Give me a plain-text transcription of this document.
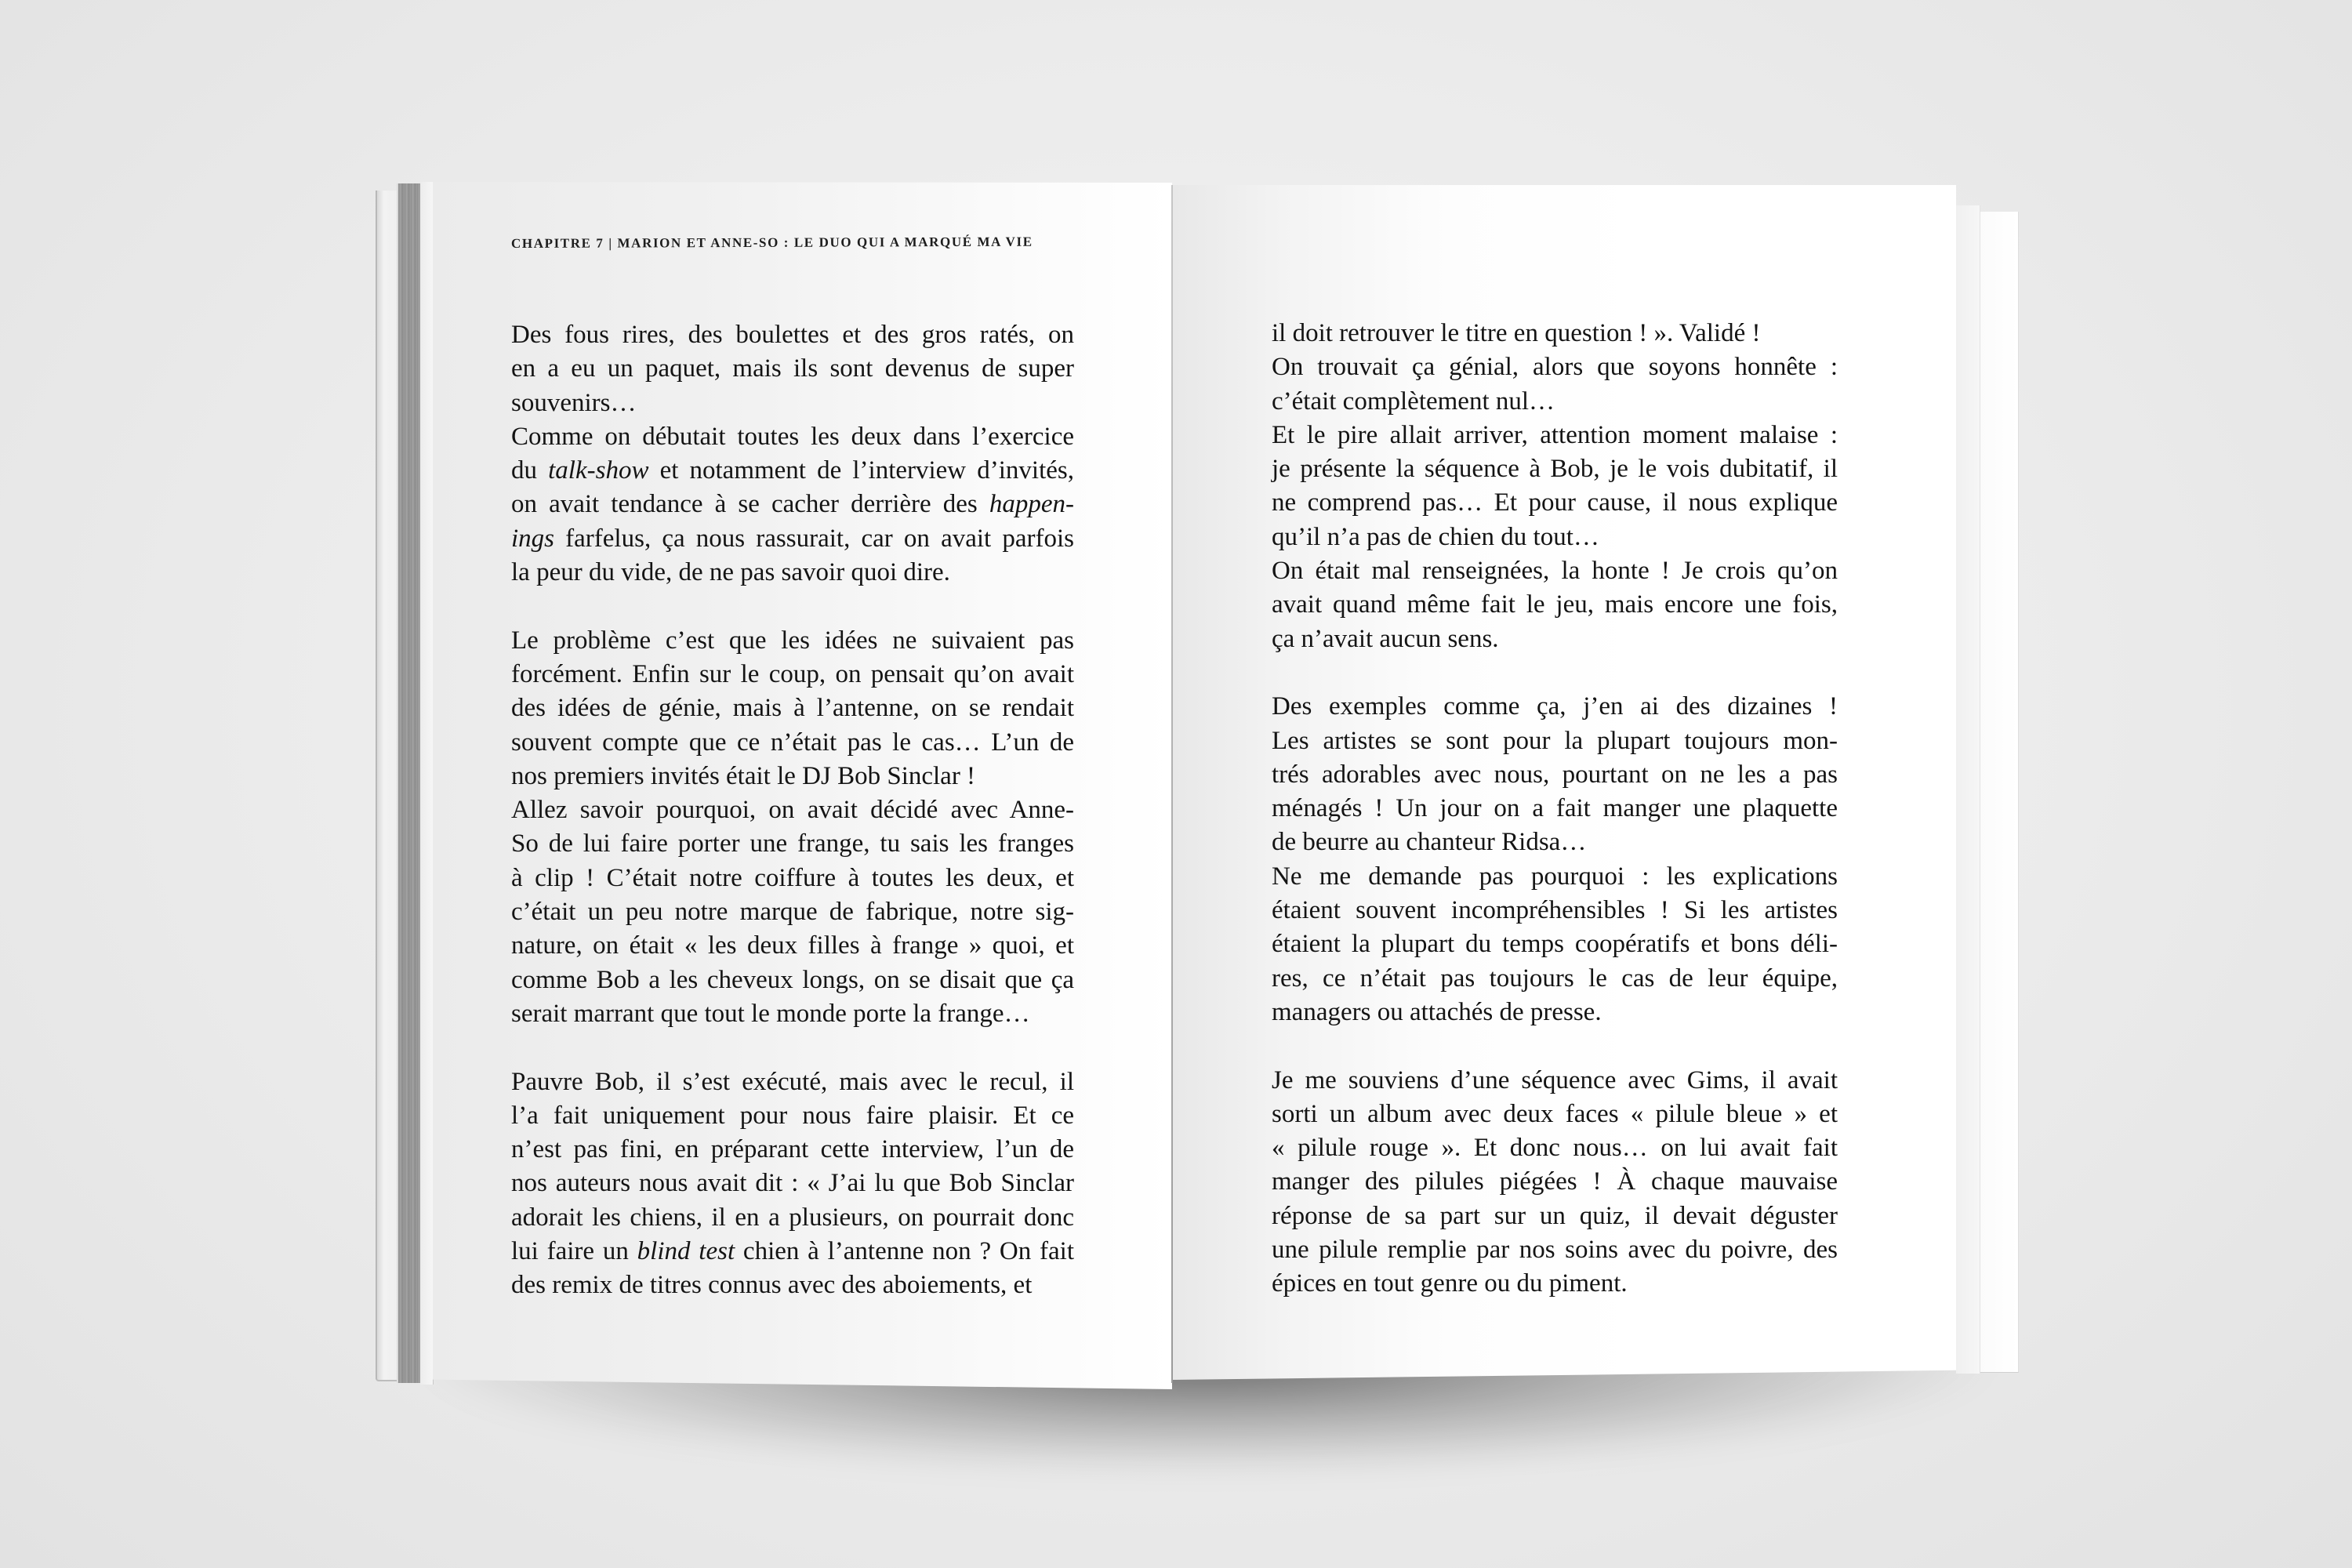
CHAPITRE 7 | MARION ET ANNE-SO : LE DUO QUI A MARQUÉ MA VIE
Des fous rires, des boulettes et des gros ratés, on
en a eu un paquet, mais ils sont devenus de super
souvenirs…
Comme on débutait toutes les deux dans l’exercice
du talk-show et notamment de l’interview d’invités,
on avait tendance à se cacher derrière des happen-
ings farfelus, ça nous rassurait, car on avait parfois
la peur du vide, de ne pas savoir quoi dire.
Le problème c’est que les idées ne suivaient pas
forcément. Enfin sur le coup, on pensait qu’on avait
des idées de génie, mais à l’antenne, on se rendait
souvent compte que ce n’était pas le cas… L’un de
nos premiers invités était le DJ Bob Sinclar !
Allez savoir pourquoi, on avait décidé avec Anne-
So de lui faire porter une frange, tu sais les franges
à clip ! C’était notre coiffure à toutes les deux, et
c’était un peu notre marque de fabrique, notre sig-
nature, on était « les deux filles à frange » quoi, et
comme Bob a les cheveux longs, on se disait que ça
serait marrant que tout le monde porte la frange…
Pauvre Bob, il s’est exécuté, mais avec le recul, il
l’a fait uniquement pour nous faire plaisir. Et ce
n’est pas fini, en préparant cette interview, l’un de
nos auteurs nous avait dit : « J’ai lu que Bob Sinclar
adorait les chiens, il en a plusieurs, on pourrait donc
lui faire un blind test chien à l’antenne non ? On fait
des remix de titres connus avec des aboiements, et
il doit retrouver le titre en question ! ». Validé !
On trouvait ça génial, alors que soyons honnête :
c’était complètement nul…
Et le pire allait arriver, attention moment malaise :
je présente la séquence à Bob, je le vois dubitatif, il
ne comprend pas… Et pour cause, il nous explique
qu’il n’a pas de chien du tout…
On était mal renseignées, la honte ! Je crois qu’on
avait quand même fait le jeu, mais encore une fois,
ça n’avait aucun sens.
Des exemples comme ça, j’en ai des dizaines !
Les artistes se sont pour la plupart toujours mon-
trés adorables avec nous, pourtant on ne les a pas
ménagés ! Un jour on a fait manger une plaquette
de beurre au chanteur Ridsa…
Ne me demande pas pourquoi : les explications
étaient souvent incompréhensibles ! Si les artistes
étaient la plupart du temps coopératifs et bons déli-
res, ce n’était pas toujours le cas de leur équipe,
managers ou attachés de presse.
Je me souviens d’une séquence avec Gims, il avait
sorti un album avec deux faces « pilule bleue » et
« pilule rouge ». Et donc nous… on lui avait fait
manger des pilules piégées ! À chaque mauvaise
réponse de sa part sur un quiz, il devait déguster
une pilule remplie par nos soins avec du poivre, des
épices en tout genre ou du piment.
